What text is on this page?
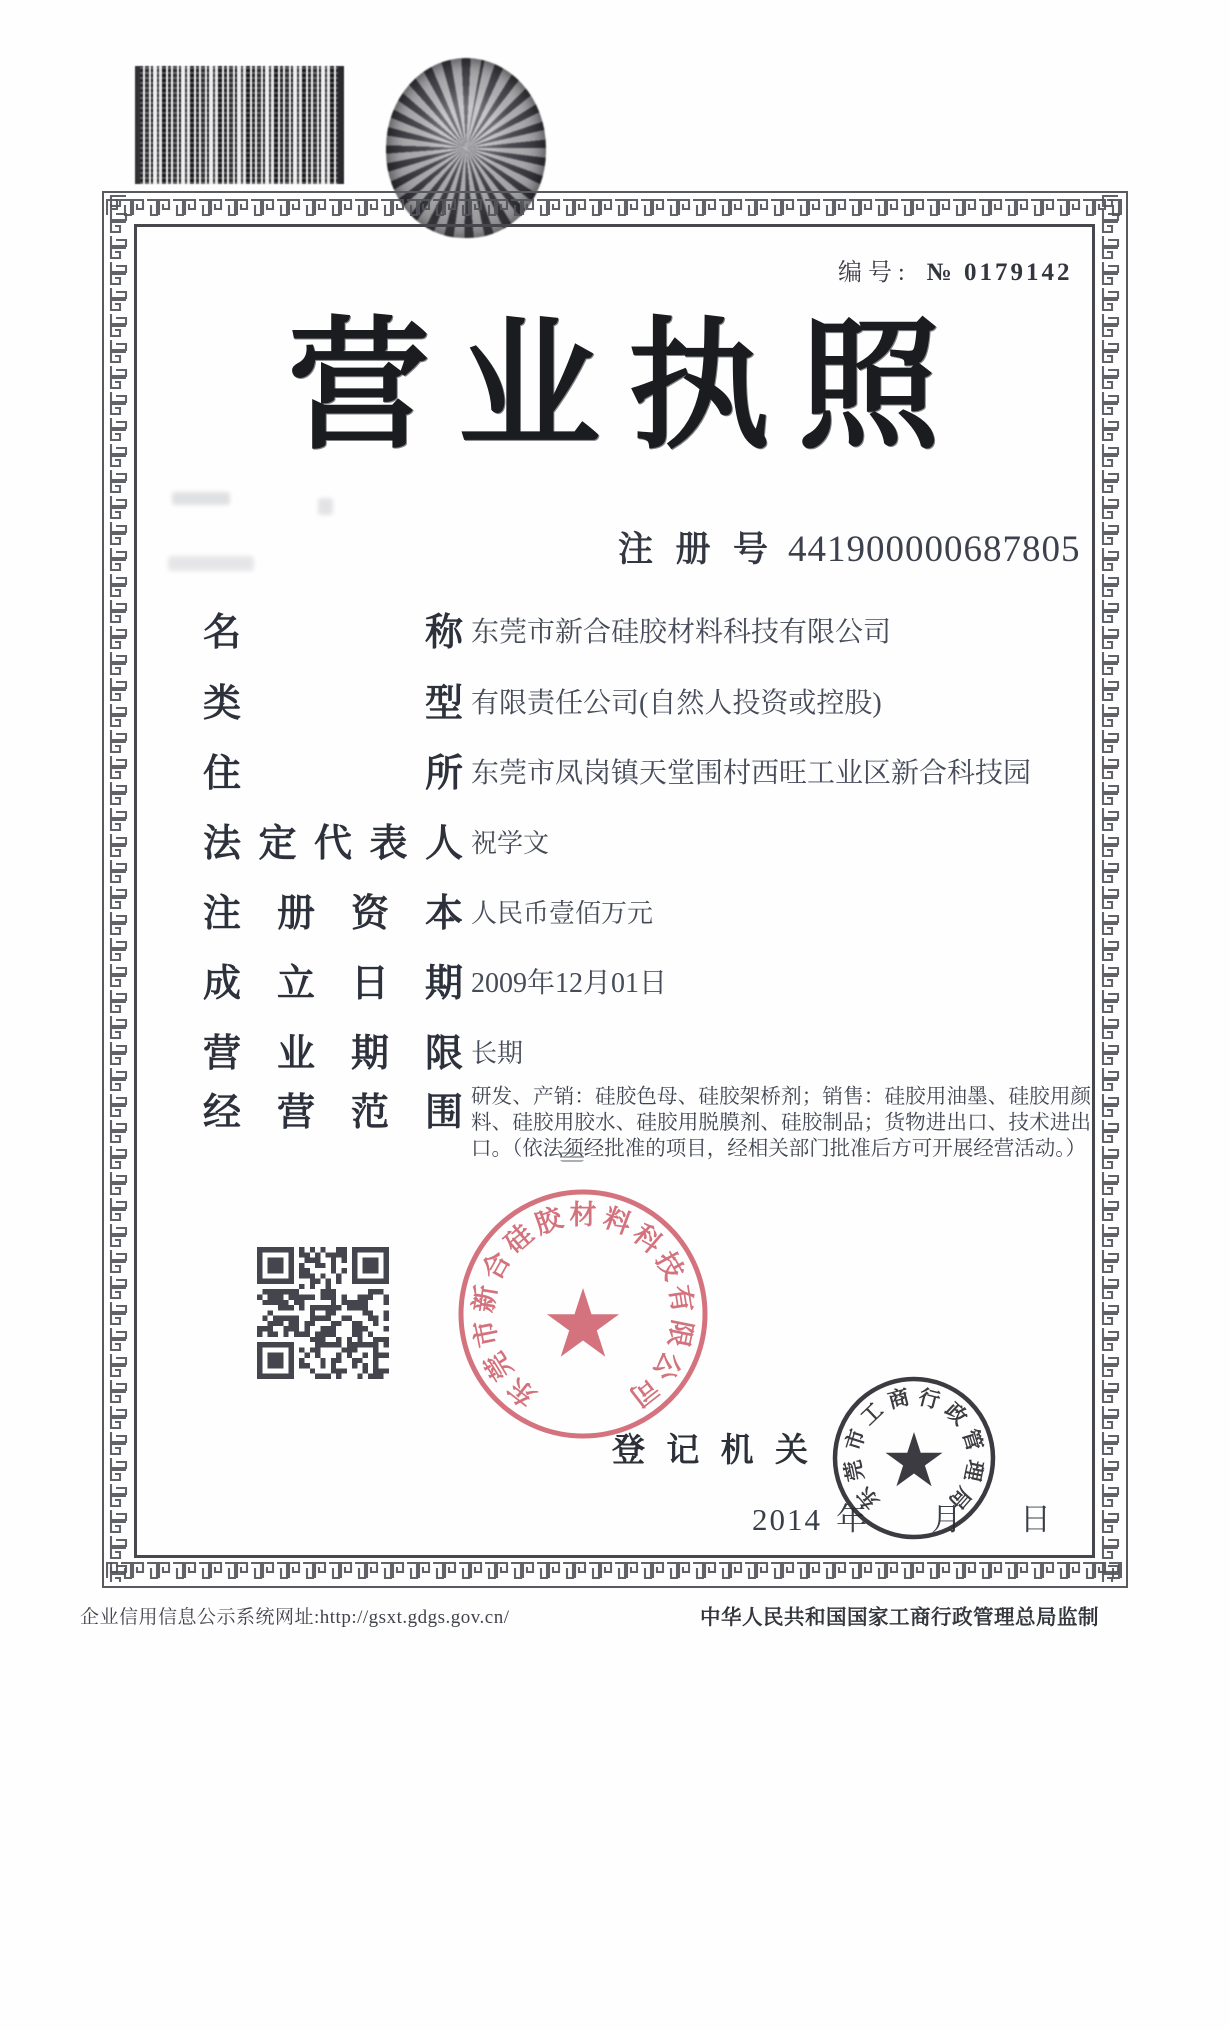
编号: № 0179142
营 业 执 照
注 册 号 441900000687805
名	称 东莞市新合硅胶材料科技有限公司
类	型 有限责任公司(自然人投资或控股)
住	所 东莞市凤岗镇天堂围村西旺工业区新合科技园
法 定 代 表 人 祝学文
注 册 资 本 人民币壹佰万元
成 立 日 期 2009年12月01日
营 业 期 限 长期
经 营 范 围 研发、产销：硅胶色母、硅胶架桥剂；销售：硅胶用油墨、硅胶用颜料、硅胶用胶水、硅胶用脱膜剂、硅胶制品；货物进出口、技术进出口。（依法须经批准的项目，经相关部门批准后方可开展经营活动。）
东
莞
市
新
合
硅
胶 材 料
科
技
有
限
公
司
登 记 机 关
2014 年 月 日
东
莞
市
工
商 行
政
管
理
局
企业信用信息公示系统网址:http://gsxt.gdgs.gov.cn/	中华人民共和国国家工商行政管理总局监制
